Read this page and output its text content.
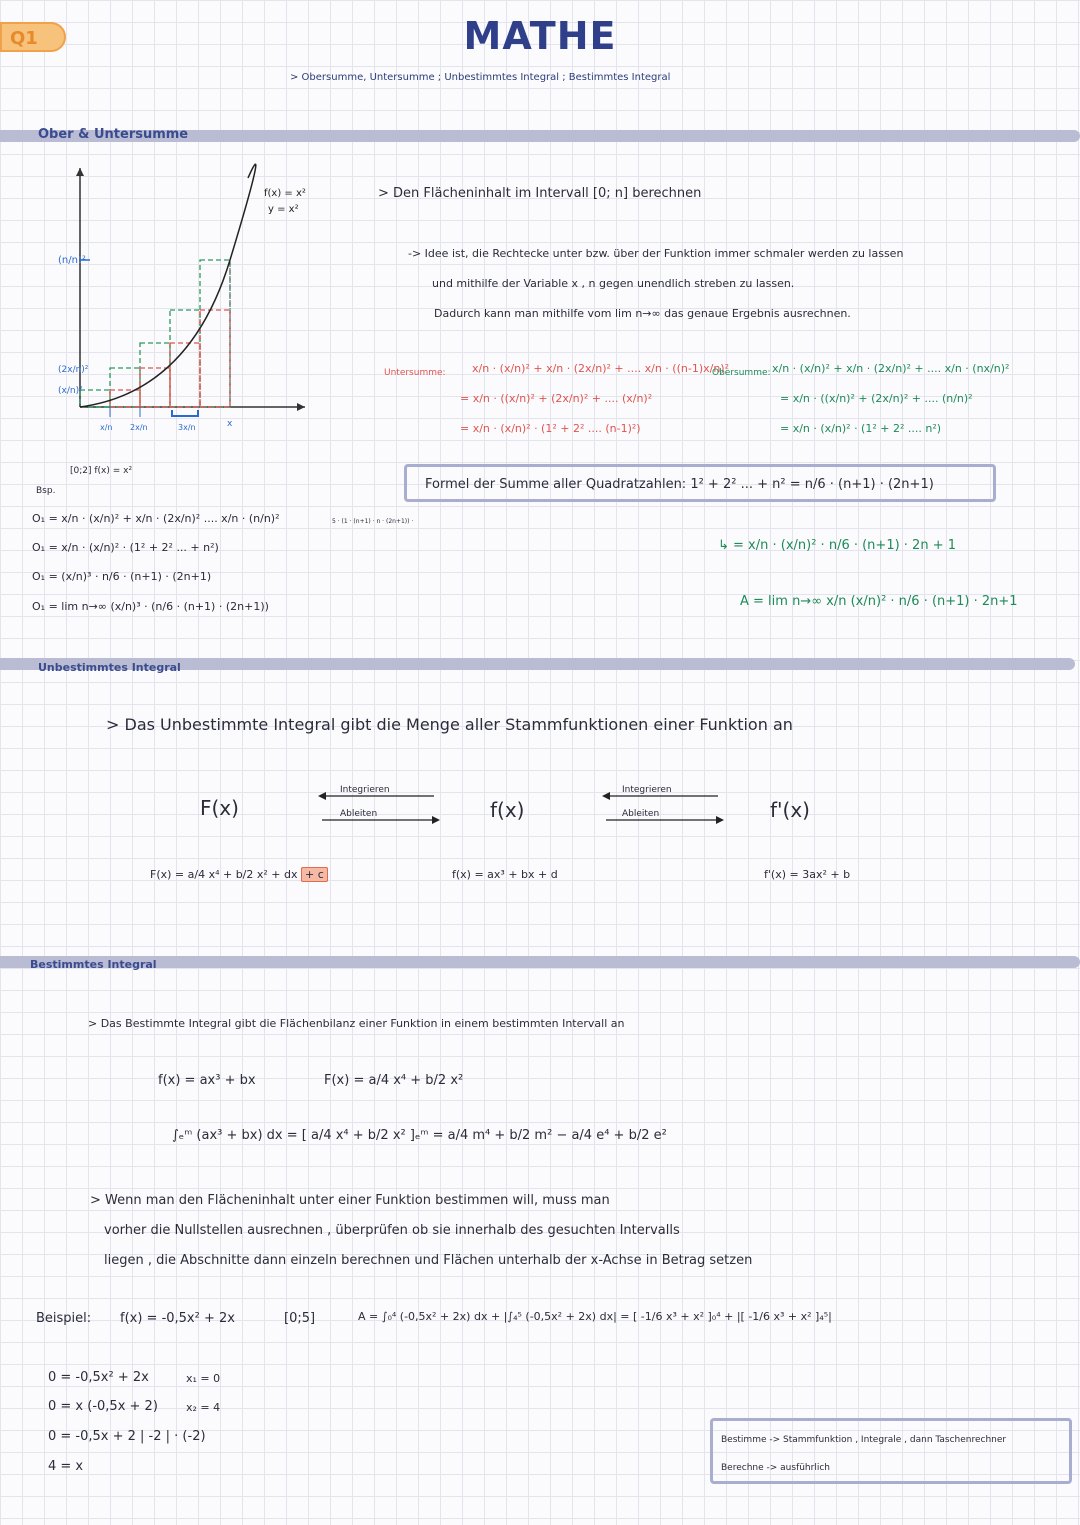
Q1	MATHE
> Obersumme, Untersumme ; Unbestimmtes Integral ; Bestimmtes Integral
Ober & Untersumme
(n/n)²
(2x/n)²
(x/n)²
x/n 2x/n	3x/n	x
f(x) = x²
y = x²
> Den Flächeninhalt im Intervall [0; n] berechnen
-> Idee ist, die Rechtecke unter bzw. über der Funktion immer schmaler werden zu lassen
und mithilfe der Variable x , n gegen unendlich streben zu lassen.
Dadurch kann man mithilfe vom lim n→∞ das genaue Ergebnis ausrechnen.
Untersumme: x/n · (x/n)² + x/n · (2x/n)² + .... x/n · ((n-1)x/n)²
= x/n · ((x/n)² + (2x/n)² + .... (x/n)²
= x/n · (x/n)² · (1² + 2² .... (n-1)²)
Obersumme: x/n · (x/n)² + x/n · (2x/n)² + .... x/n · (nx/n)²
= x/n · ((x/n)² + (2x/n)² + .... (n/n)²
= x/n · (x/n)² · (1² + 2² .... n²)
Formel der Summe aller Quadratzahlen: 1² + 2² ... + n² = n/6 · (n+1) · (2n+1)
↳ = x/n · (x/n)² · n/6 · (n+1) · 2n + 1
A = lim n→∞ x/n (x/n)² · n/6 · (n+1) · 2n+1
[0;2] f(x) = x²
Bsp.
O₁ = x/n · (x/n)² + x/n · (2x/n)² .... x/n · (n/n)²
O₁ = x/n · (x/n)² · (1² + 2² ... + n²)
O₁ = (x/n)³ · n/6 · (n+1) · (2n+1)
O₁ = lim n→∞ (x/n)³ · (n/6 · (n+1) · (2n+1))
5 · (1 · (n+1) · n · (2n+1)) ·
Unbestimmtes Integral
> Das Unbestimmte Integral gibt die Menge aller Stammfunktionen einer Funktion an
F(x)	f(x)	f'(x)
Integrieren
Ableiten
Integrieren
Ableiten
F(x) = a/4 x⁴ + b/2 x² + dx + c	f(x) = ax³ + bx + d	f'(x) = 3ax² + b
Bestimmtes Integral
> Das Bestimmte Integral gibt die Flächenbilanz einer Funktion in einem bestimmten Intervall an
f(x) = ax³ + bx	F(x) = a/4 x⁴ + b/2 x²
∫ₑᵐ (ax³ + bx) dx = [ a/4 x⁴ + b/2 x² ]ₑᵐ = a/4 m⁴ + b/2 m² − a/4 e⁴ + b/2 e²
> Wenn man den Flächeninhalt unter einer Funktion bestimmen will, muss man
vorher die Nullstellen ausrechnen , überprüfen ob sie innerhalb des gesuchten Intervalls
liegen , die Abschnitte dann einzeln berechnen und Flächen unterhalb der x-Achse in Betrag setzen
Beispiel: f(x) = -0,5x² + 2x	[0;5]	A = ∫₀⁴ (-0,5x² + 2x) dx + |∫₄⁵ (-0,5x² + 2x) dx| = [ -1/6 x³ + x² ]₀⁴ + |[ -1/6 x³ + x² ]₄⁵|
0 = -0,5x² + 2x	x₁ = 0
0 = x (-0,5x + 2)	x₂ = 4
0 = -0,5x + 2 | -2 | · (-2)
4 = x
Bestimme -> Stammfunktion , Integrale , dann Taschenrechner
Berechne -> ausführlich
